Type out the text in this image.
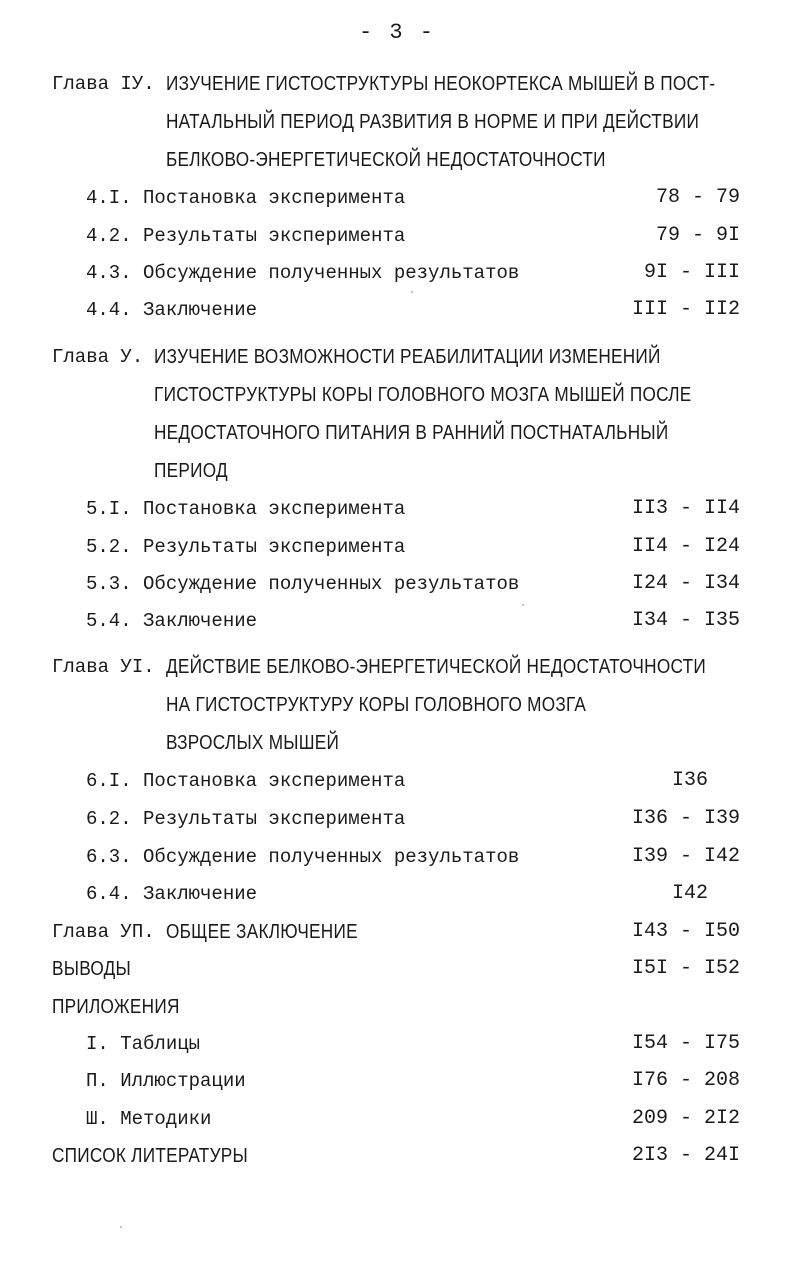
- 3 -
Глава IУ. ИЗУЧЕНИЕ ГИСТОСТРУКТУРЫ НЕОКОРТЕКСА МЫШЕЙ В ПОСТ-
НАТАЛЬНЫЙ ПЕРИОД РАЗВИТИЯ В НОРМЕ И ПРИ ДЕЙСТВИИ
БЕЛКОВО-ЭНЕРГЕТИЧЕСКОЙ НЕДОСТАТОЧНОСТИ
4.I. Постановка эксперимента	78 - 79
4.2. Результаты эксперимента	79 - 9I
4.3. Обсуждение полученных результатов	9I - III
4.4. Заключение	III - II2
Глава У. ИЗУЧЕНИЕ ВОЗМОЖНОСТИ РЕАБИЛИТАЦИИ ИЗМЕНЕНИЙ
ГИСТОСТРУКТУРЫ КОРЫ ГОЛОВНОГО МОЗГА МЫШЕЙ ПОСЛЕ
НЕДОСТАТОЧНОГО ПИТАНИЯ В РАННИЙ ПОСТНАТАЛЬНЫЙ
ПЕРИОД
5.I. Постановка эксперимента	II3 - II4
5.2. Результаты эксперимента	II4 - I24
5.3. Обсуждение полученных результатов	I24 - I34
5.4. Заключение	I34 - I35
Глава УI. ДЕЙСТВИЕ БЕЛКОВО-ЭНЕРГЕТИЧЕСКОЙ НЕДОСТАТОЧНОСТИ
НА ГИСТОСТРУКТУРУ КОРЫ ГОЛОВНОГО МОЗГА
ВЗРОСЛЫХ МЫШЕЙ
6.I. Постановка эксперимента	I36
6.2. Результаты эксперимента	I36 - I39
6.3. Обсуждение полученных результатов	I39 - I42
6.4. Заключение	I42
Глава УП. ОБЩЕЕ ЗАКЛЮЧЕНИЕ	I43 - I50
ВЫВОДЫ	I5I - I52
ПРИЛОЖЕНИЯ
I. Таблицы	I54 - I75
П. Иллюстрации	I76 - 208
Ш. Методики	209 - 2I2
СПИСОК ЛИТЕРАТУРЫ	2I3 - 24I
